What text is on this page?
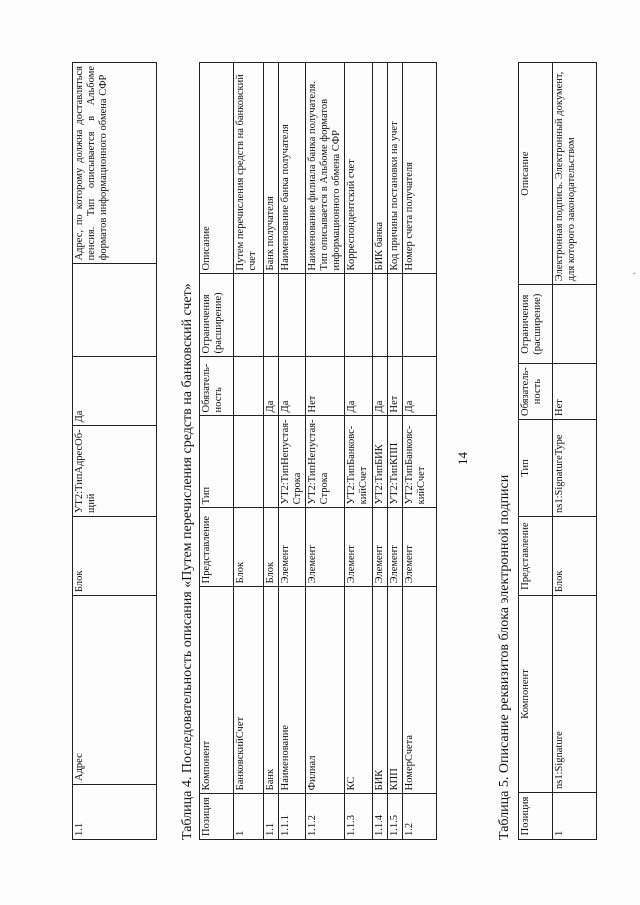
´
14
1.1	Адрес	Блок	УТ2:ТипАдресОб-щий	Да		Адрес, по которому должна доставляться пенсия. Тип описывается в Альбоме форматов информационного обмена СФР
Таблица 4. Последовательность описания «Путем перечисления средств на банковский счет» Позиция	Компонент	Представление	Тип	Обязатель-ность	Ограничения (расширение)	Описание
1	БанковскийСчет	Блок				Путем перечисления средств на банковский счет
1.1	Банк	Блок		Да		Банк получателя
1.1.1	Наименование	Элемент	УТ2:ТипНепустая-Строка	Да		Наименование банка получателя
1.1.2	Филиал	Элемент	УТ2:ТипНепустая-Строка	Нет		Наименование филиала банка получателя. Тип описывается в Альбоме форматов информационного обмена СФР
1.1.3	КС	Элемент	УТ2:ТипБанковс-кийСчет	Да		Корреспондентский счет
1.1.4	БИК	Элемент	УТ2:ТипБИК	Да		БИК банка
1.1.5	КПП	Элемент	УТ2:ТипКПП	Нет		Код причины постановки на учет
1.2	НомерСчета	Элемент	УТ2:ТипБанковс-кийСчет	Да		Номер счета получателя
Таблица 5. Описание реквизитов блока электронной подписи Позиция	Компонент	Представление	Тип	Обязатель-ность	Ограничения (расширение)	Описание
1	ns1:Signature	Блок	ns1:SignatureType	Нет		Электронная подпись. Электронный документ, для которого законодательством
